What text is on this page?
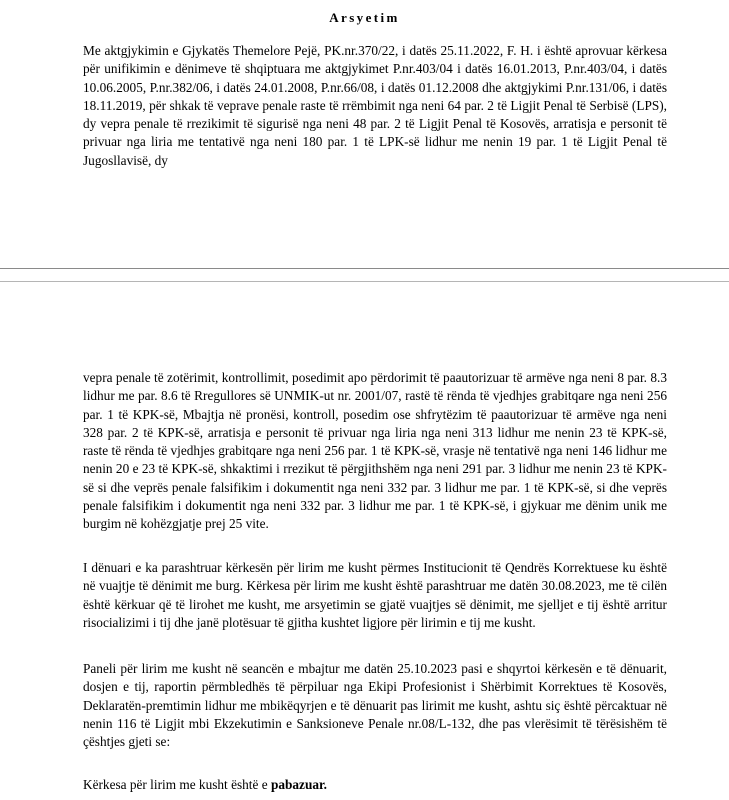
Arsyetim

Me aktgjykimin e Gjykatës Themelore Pejë, PK.nr.370/22, i datës 25.11.2022, F. H. i është aprovuar kërkesa për unifikimin e dënimeve të shqiptuara me aktgjykimet P.nr.403/04 i datës 16.01.2013, P.nr.403/04, i datës 10.06.2005, P.nr.382/06, i datës 24.01.2008, P.nr.66/08, i datës 01.12.2008 dhe aktgjykimi P.nr.131/06, i datës 18.11.2019, për shkak të veprave penale raste të rrëmbimit nga neni 64 par. 2 të Ligjit Penal të Serbisë (LPS), dy vepra penale të rrezikimit të sigurisë nga neni 48 par. 2 të Ligjit Penal të Kosovës, arratisja e personit të privuar nga liria me tentativë nga neni 180 par. 1 të LPK-së lidhur me nenin 19 par. 1 të Ligjit Penal të Jugosllavisë, dy

vepra penale të zotërimit, kontrollimit, posedimit apo përdorimit të paautorizuar të armëve nga neni 8 par. 8.3 lidhur me par. 8.6 të Rregullores së UNMIK-ut nr. 2001/07, rastë të rënda të vjedhjes grabitqare nga neni 256 par. 1 të KPK-së, Mbajtja në pronësi, kontroll, posedim ose shfrytëzim të paautorizuar të armëve nga neni 328 par. 2 të KPK-së, arratisja e personit të privuar nga liria nga neni 313 lidhur me nenin 23 të KPK-së, raste të rënda të vjedhjes grabitqare nga neni 256 par. 1 të KPK-së, vrasje në tentativë nga neni 146 lidhur me nenin 20 e 23 të KPK-së, shkaktimi i rrezikut të përgjithshëm nga neni 291 par. 3 lidhur me nenin 23 të KPK-së si dhe veprës penale falsifikim i dokumentit nga neni 332 par. 3 lidhur me par. 1 të KPK-së, si dhe veprës penale falsifikim i dokumentit nga neni 332 par. 3 lidhur me par. 1 të KPK-së, i gjykuar me dënim unik me burgim në kohëzgjatje prej 25 vite.

I dënuari e ka parashtruar kërkesën për lirim me kusht përmes Institucionit të Qendrës Korrektuese ku është në vuajtje të dënimit me burg. Kërkesa për lirim me kusht është parashtruar me datën 30.08.2023, me të cilën është kërkuar që të lirohet me kusht, me arsyetimin se gjatë vuajtjes së dënimit, me sjelljet e tij është arritur risocializimi i tij dhe janë plotësuar të gjitha kushtet ligjore për lirimin e tij me kusht.

Paneli për lirim me kusht në seancën e mbajtur me datën 25.10.2023 pasi e shqyrtoi kërkesën e të dënuarit, dosjen e tij, raportin përmbledhës të përpiluar nga Ekipi Profesionist i Shërbimit Korrektues të Kosovës, Deklaratën-premtimin lidhur me mbikëqyrjen e të dënuarit pas lirimit me kusht, ashtu siç është përcaktuar në nenin 116 të Ligjit mbi Ekzekutimin e Sanksioneve Penale nr.08/L-132, dhe pas vlerësimit të tërësishëm të çështjes gjeti se:

Kërkesa për lirim me kusht është e pabazuar.
